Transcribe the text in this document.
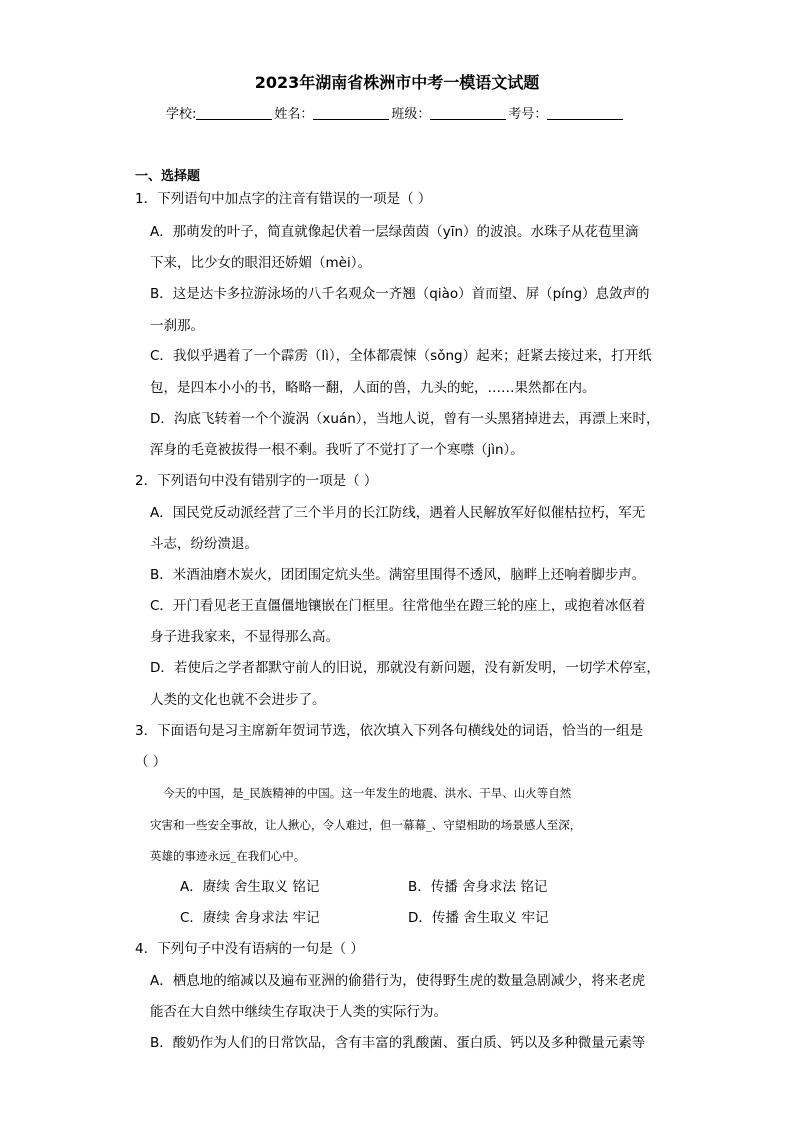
2023年湖南省株洲市中考一模语文试题
学校:	姓名：	班级：	考号：
一、选择题
1．下列语句中加点字的注音有错误的一项是（ ）
A．那萌发的叶子，简直就像起伏着一层绿茵茵（yīn）的波浪。水珠子从花苞里滴
下来，比少女的眼泪还娇媚（mèi）。
B．这是达卡多拉游泳场的八千名观众一齐翘（qiào）首而望、屏（píng）息敛声的
一刹那。
C．我似乎遇着了一个霹雳（lì），全体都震悚（sǒng）起来；赶紧去接过来，打开纸
包，是四本小小的书，略略一翻，人面的兽，九头的蛇，……果然都在内。
D．沟底飞转着一个个漩涡（xuán），当地人说，曾有一头黑猪掉进去，再漂上来时，
浑身的毛竟被拔得一根不剩。我听了不觉打了一个寒噤（jìn）。
2．下列语句中没有错别字的一项是（ ）
A．国民党反动派经营了三个半月的长江防线，遇着人民解放军好似催枯拉朽，军无
斗志，纷纷溃退。
B．米酒油磨木炭火，团团围定炕头坐。满窑里围得不透风，脑畔上还响着脚步声。
C．开门看见老王直僵僵地镶嵌在门框里。往常他坐在蹬三轮的座上，或抱着冰伛着
身子进我家来，不显得那么高。
D．若使后之学者都默守前人的旧说，那就没有新问题，没有新发明，一切学术停室，
人类的文化也就不会进步了。
3．下面语句是习主席新年贺词节选，依次填入下列各句横线处的词语，恰当的一组是
（ ）
今天的中国，是_民族精神的中国。这一年发生的地震、洪水、干旱、山火等自然
灾害和一些安全事故，让人揪心，令人难过，但一幕幕_、守望相助的场景感人至深，
英雄的事迹永远_在我们心中。
A．赓续 舍生取义 铭记	B．传播 舍身求法 铭记
C．赓续 舍身求法 牢记	D．传播 舍生取义 牢记
4．下列句子中没有语病的一句是（ ）
A．栖息地的缩减以及遍布亚洲的偷猎行为，使得野生虎的数量急剧减少，将来老虎
能否在大自然中继续生存取决于人类的实际行为。
B．酸奶作为人们的日常饮品，含有丰富的乳酸菌、蛋白质、钙以及多种微量元素等
